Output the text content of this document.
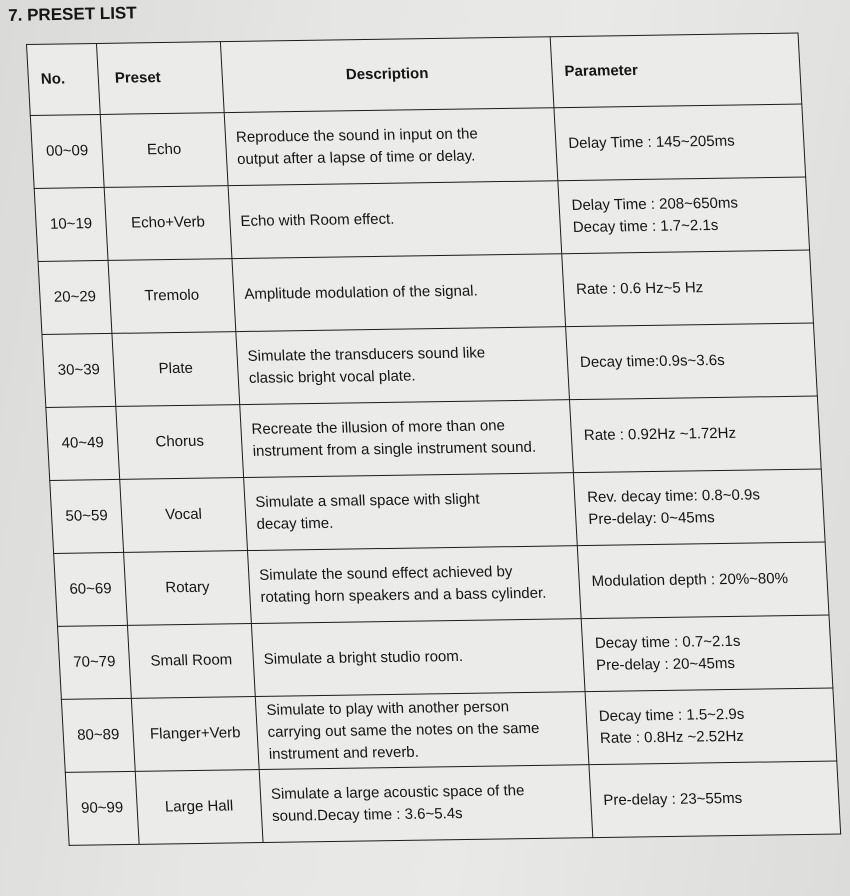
7. PRESET LIST
No.	Preset	Description	Parameter
00~09	Echo	Reproduce the sound in input on the
output after a lapse of time or delay.	Delay Time : 145~205ms

10~19	Echo+Verb	Echo with Room effect.	Delay Time : 208~650ms
Decay time : 1.7~2.1s

20~29	Tremolo	Amplitude modulation of the signal.	Rate : 0.6 Hz~5 Hz

30~39	Plate	Simulate the transducers sound like
classic bright vocal plate.	Decay time:0.9s~3.6s

40~49	Chorus	Recreate the illusion of more than one
instrument from a single instrument sound.	Rate : 0.92Hz ~1.72Hz

50~59	Vocal	Simulate a small space with slight
decay time.	Rev. decay time: 0.8~0.9s
Pre-delay: 0~45ms

60~69	Rotary	Simulate the sound effect achieved by
rotating horn speakers and a bass cylinder.	Modulation depth : 20%~80%

70~79	Small Room	Simulate a bright studio room.	Decay time : 0.7~2.1s
Pre-delay : 20~45ms

80~89	Flanger+Verb	Simulate to play with another person
carrying out same the notes on the same
instrument and reverb.	Decay time : 1.5~2.9s
Rate : 0.8Hz ~2.52Hz

90~99	Large Hall	Simulate a large acoustic space of the
sound.Decay time : 3.6~5.4s	Pre-delay : 23~55ms
